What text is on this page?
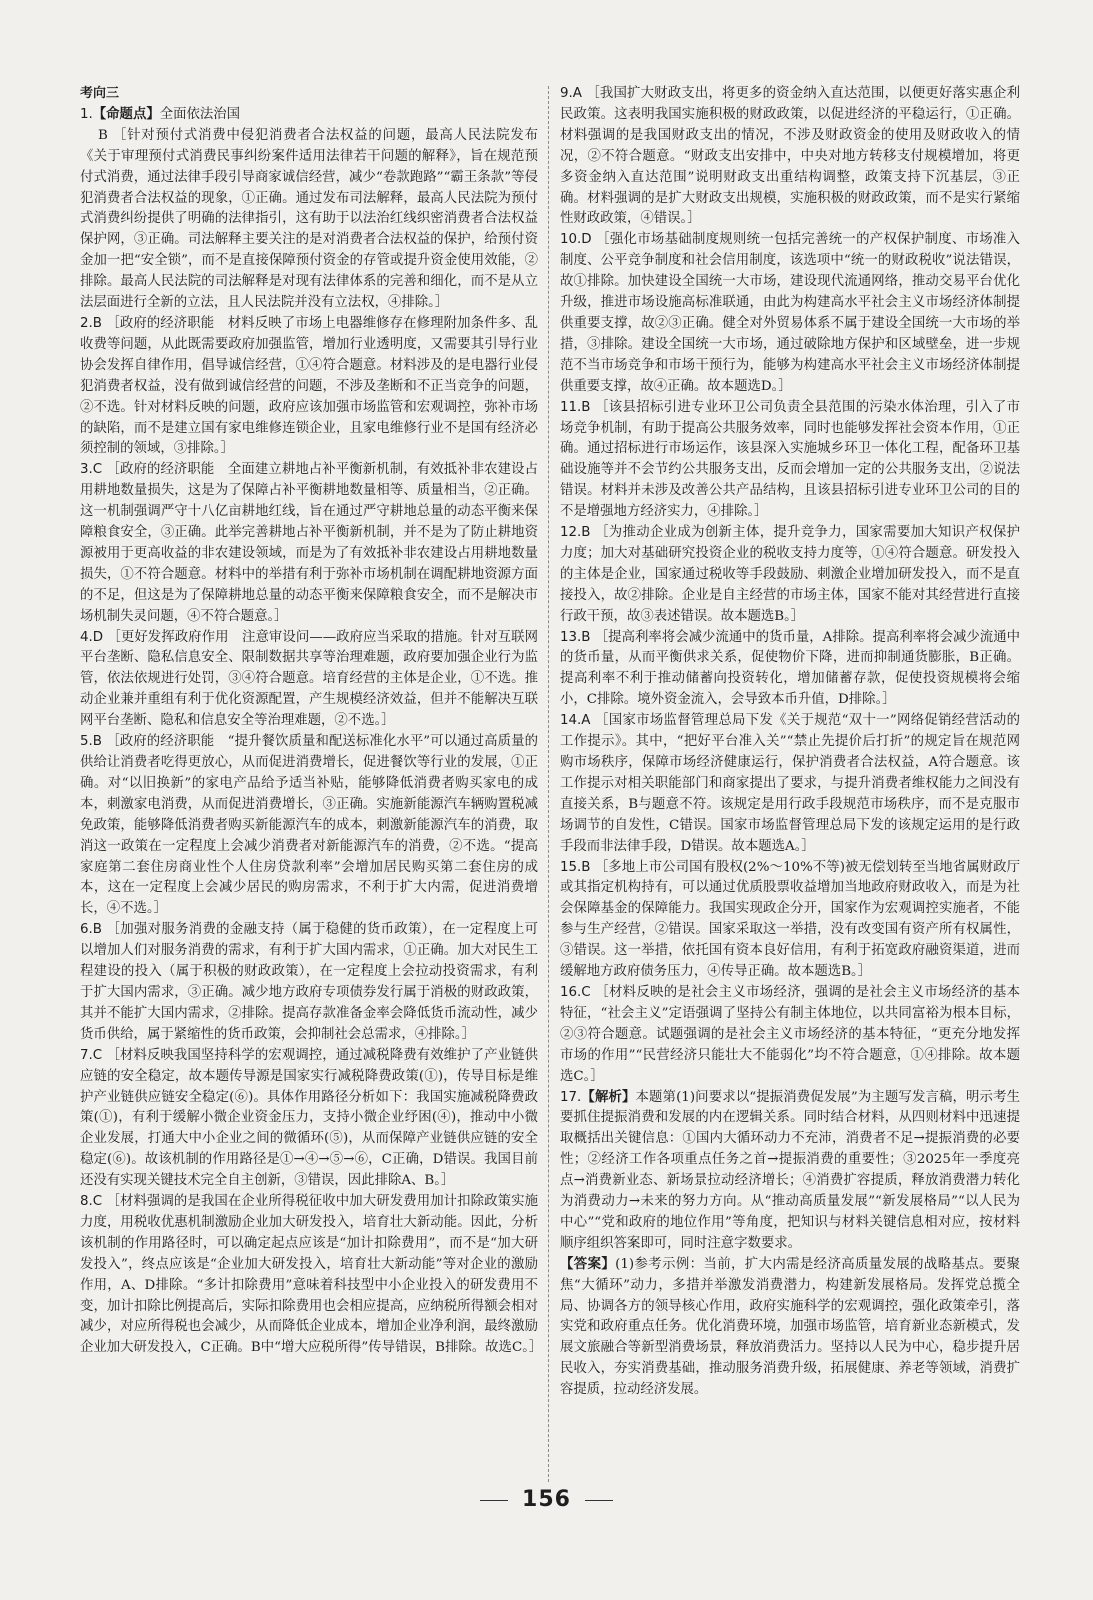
考向三

1.【命题点】全面依法治国
B ［针对预付式消费中侵犯消费者合法权益的问题，最高人民法院发布《关于审理预付式消费民事纠纷案件适用法律若干问题的解释》，旨在规范预付式消费，通过法律手段引导商家诚信经营，减少“卷款跑路”“霸王条款”等侵犯消费者合法权益的现象，①正确。通过发布司法解释，最高人民法院为预付式消费纠纷提供了明确的法律指引，这有助于以法治红线织密消费者合法权益保护网，③正确。司法解释主要关注的是对消费者合法权益的保护，给预付资金加一把“安全锁”，而不是直接保障预付资金的存管或提升资金使用效能，②排除。最高人民法院的司法解释是对现有法律体系的完善和细化，而不是从立法层面进行全新的立法，且人民法院并没有立法权，④排除。］

2.B ［政府的经济职能　材料反映了市场上电器维修存在修理附加条件多、乱收费等问题，从此既需要政府加强监管，增加行业透明度，又需要其引导行业协会发挥自律作用，倡导诚信经营，①④符合题意。材料涉及的是电器行业侵犯消费者权益，没有做到诚信经营的问题，不涉及垄断和不正当竞争的问题，②不选。针对材料反映的问题，政府应该加强市场监管和宏观调控，弥补市场的缺陷，而不是建立国有家电维修连锁企业，且家电维修行业不是国有经济必须控制的领域，③排除。］

3.C ［政府的经济职能　全面建立耕地占补平衡新机制，有效抵补非农建设占用耕地数量损失，这是为了保障占补平衡耕地数量相等、质量相当，②正确。这一机制强调严守十八亿亩耕地红线，旨在通过严守耕地总量的动态平衡来保障粮食安全，③正确。此举完善耕地占补平衡新机制，并不是为了防止耕地资源被用于更高收益的非农建设领域，而是为了有效抵补非农建设占用耕地数量损失，①不符合题意。材料中的举措有利于弥补市场机制在调配耕地资源方面的不足，但这是为了保障耕地总量的动态平衡来保障粮食安全，而不是解决市场机制失灵问题，④不符合题意。］

4.D ［更好发挥政府作用　注意审设问——政府应当采取的措施。针对互联网平台垄断、隐私信息安全、限制数据共享等治理难题，政府要加强企业行为监管，依法依规进行处罚，③④符合题意。培育经营的主体是企业，①不选。推动企业兼并重组有利于优化资源配置，产生规模经济效益，但并不能解决互联网平台垄断、隐私和信息安全等治理难题，②不选。］

5.B ［政府的经济职能　“提升餐饮质量和配送标准化水平”可以通过高质量的供给让消费者吃得更放心，从而促进消费增长，促进餐饮等行业的发展，①正确。对“以旧换新”的家电产品给予适当补贴，能够降低消费者购买家电的成本，刺激家电消费，从而促进消费增长，③正确。实施新能源汽车辆购置税减免政策，能够降低消费者购买新能源汽车的成本，刺激新能源汽车的消费，取消这一政策在一定程度上会减少消费者对新能源汽车的消费，②不选。“提高家庭第二套住房商业性个人住房贷款利率”会增加居民购买第二套住房的成本，这在一定程度上会减少居民的购房需求，不利于扩大内需，促进消费增长，④不选。］

6.B ［加强对服务消费的金融支持（属于稳健的货币政策），在一定程度上可以增加人们对服务消费的需求，有利于扩大国内需求，①正确。加大对民生工程建设的投入（属于积极的财政政策），在一定程度上会拉动投资需求，有利于扩大国内需求，③正确。减少地方政府专项债券发行属于消极的财政政策，其并不能扩大国内需求，②排除。提高存款准备金率会降低货币流动性，减少货币供给，属于紧缩性的货币政策，会抑制社会总需求，④排除。］

7.C ［材料反映我国坚持科学的宏观调控，通过减税降费有效维护了产业链供应链的安全稳定，故本题传导源是国家实行减税降费政策(①)，传导目标是维护产业链供应链安全稳定(⑥)。具体作用路径分析如下：我国实施减税降费政策(①)，有利于缓解小微企业资金压力，支持小微企业纾困(④)，推动中小微企业发展，打通大中小企业之间的微循环(⑤)，从而保障产业链供应链的安全稳定(⑥)。故该机制的作用路径是①→④→⑤→⑥，C正确，D错误。我国目前还没有实现关键技术完全自主创新，③错误，因此排除A、B。］

8.C ［材料强调的是我国在企业所得税征收中加大研发费用加计扣除政策实施力度，用税收优惠机制激励企业加大研发投入，培育壮大新动能。因此，分析该机制的作用路径时，可以确定起点应该是“加计扣除费用”，而不是“加大研发投入”，终点应该是“企业加大研发投入，培育壮大新动能”等对企业的激励作用，A、D排除。“多计扣除费用”意味着科技型中小企业投入的研发费用不变，加计扣除比例提高后，实际扣除费用也会相应提高，应纳税所得额会相对减少，对应所得税也会减少，从而降低企业成本，增加企业净利润，最终激励企业加大研发投入，C正确。B中“增大应税所得”传导错误，B排除。故选C。］

9.A ［我国扩大财政支出，将更多的资金纳入直达范围，以便更好落实惠企利民政策。这表明我国实施积极的财政政策，以促进经济的平稳运行，①正确。材料强调的是我国财政支出的情况，不涉及财政资金的使用及财政收入的情况，②不符合题意。“财政支出安排中，中央对地方转移支付规模增加，将更多资金纳入直达范围”说明财政支出重结构调整，政策支持下沉基层，③正确。材料强调的是扩大财政支出规模，实施积极的财政政策，而不是实行紧缩性财政政策，④错误。］

10.D ［强化市场基础制度规则统一包括完善统一的产权保护制度、市场准入制度、公平竞争制度和社会信用制度，该选项中“统一的财政税收”说法错误，故①排除。加快建设全国统一大市场，建设现代流通网络，推动交易平台优化升级，推进市场设施高标准联通，由此为构建高水平社会主义市场经济体制提供重要支撑，故②③正确。健全对外贸易体系不属于建设全国统一大市场的举措，③排除。建设全国统一大市场，通过破除地方保护和区域壁垒，进一步规范不当市场竞争和市场干预行为，能够为构建高水平社会主义市场经济体制提供重要支撑，故④正确。故本题选D。］

11.B ［该县招标引进专业环卫公司负责全县范围的污染水体治理，引入了市场竞争机制，有助于提高公共服务效率，同时也能够发挥社会资本作用，①正确。通过招标进行市场运作，该县深入实施城乡环卫一体化工程，配备环卫基础设施等并不会节约公共服务支出，反而会增加一定的公共服务支出，②说法错误。材料并未涉及改善公共产品结构，且该县招标引进专业环卫公司的目的不是增强地方经济实力，④排除。］

12.B ［为推动企业成为创新主体，提升竞争力，国家需要加大知识产权保护力度；加大对基础研究投资企业的税收支持力度等，①④符合题意。研发投入的主体是企业，国家通过税收等手段鼓励、刺激企业增加研发投入，而不是直接投入，故②排除。企业是自主经营的市场主体，国家不能对其经营进行直接行政干预，故③表述错误。故本题选B。］

13.B ［提高利率将会减少流通中的货币量，A排除。提高利率将会减少流通中的货币量，从而平衡供求关系，促使物价下降，进而抑制通货膨胀，B正确。提高利率不利于推动储蓄向投资转化，增加储蓄存款，促使投资规模将会缩小，C排除。境外资金流入，会导致本币升值，D排除。］

14.A ［国家市场监督管理总局下发《关于规范“双十一”网络促销经营活动的工作提示》。其中，“把好平台准入关”“禁止先提价后打折”的规定旨在规范网购市场秩序，保障市场经济健康运行，保护消费者合法权益，A符合题意。该工作提示对相关职能部门和商家提出了要求，与提升消费者维权能力之间没有直接关系，B与题意不符。该规定是用行政手段规范市场秩序，而不是克服市场调节的自发性，C错误。国家市场监督管理总局下发的该规定运用的是行政手段而非法律手段，D错误。故本题选A。］

15.B ［多地上市公司国有股权(2%～10%不等)被无偿划转至当地省属财政厅或其指定机构持有，可以通过优质股票收益增加当地政府财政收入，而是为社会保障基金的保障能力。我国实现政企分开，国家作为宏观调控实施者，不能参与生产经营，②错误。国家采取这一举措，没有改变国有资产所有权属性，③错误。这一举措，依托国有资本良好信用，有利于拓宽政府融资渠道，进而缓解地方政府债务压力，④传导正确。故本题选B。］

16.C ［材料反映的是社会主义市场经济，强调的是社会主义市场经济的基本特征，“社会主义”定语强调了坚持公有制主体地位，以共同富裕为根本目标，②③符合题意。试题强调的是社会主义市场经济的基本特征，“更充分地发挥市场的作用”“民营经济只能壮大不能弱化”均不符合题意，①④排除。故本题选C。］

17.【解析】本题第(1)问要求以“提振消费促发展”为主题写发言稿，明示考生要抓住提振消费和发展的内在逻辑关系。同时结合材料，从四则材料中迅速提取概括出关键信息：①国内大循环动力不充沛，消费者不足→提振消费的必要性；②经济工作各项重点任务之首→提振消费的重要性；③2025年一季度亮点→消费新业态、新场景拉动经济增长；④消费扩容提质，释放消费潜力转化为消费动力→未来的努力方向。从“推动高质量发展”“新发展格局”“以人民为中心”“党和政府的地位作用”等角度，把知识与材料关键信息相对应，按材料顺序组织答案即可，同时注意字数要求。

【答案】(1)参考示例：当前，扩大内需是经济高质量发展的战略基点。要聚焦“大循环”动力，多措并举激发消费潜力，构建新发展格局。发挥党总揽全局、协调各方的领导核心作用，政府实施科学的宏观调控，强化政策牵引，落实党和政府重点任务。优化消费环境，加强市场监管，培育新业态新模式，发展文旅融合等新型消费场景，释放消费活力。坚持以人民为中心，稳步提升居民收入，夯实消费基础，推动服务消费升级，拓展健康、养老等领域，消费扩容提质，拉动经济发展。

156
